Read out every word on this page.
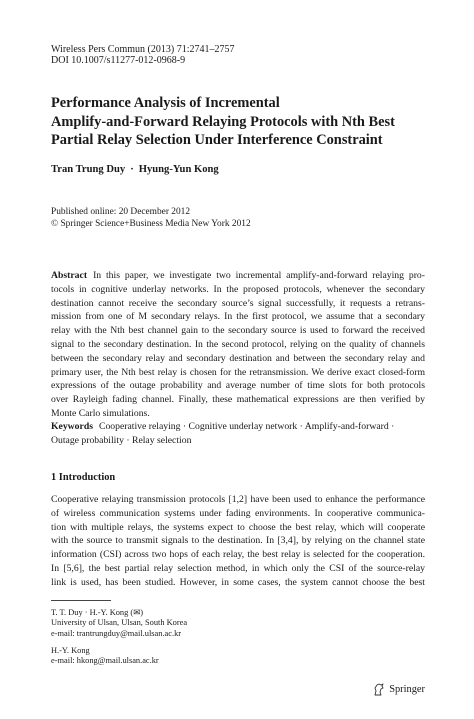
Wireless Pers Commun (2013) 71:2741–2757
DOI 10.1007/s11277-012-0968-9
Performance Analysis of Incremental
Amplify-and-Forward Relaying Protocols with Nth Best
Partial Relay Selection Under Interference Constraint
Tran Trung Duy · Hyung-Yun Kong
Published online: 20 December 2012
© Springer Science+Business Media New York 2012
Abstract In this paper, we investigate two incremental amplify-and-forward relaying pro-
tocols in cognitive underlay networks. In the proposed protocols, whenever the secondary
destination cannot receive the secondary source’s signal successfully, it requests a retrans-
mission from one of M secondary relays. In the first protocol, we assume that a secondary
relay with the Nth best channel gain to the secondary source is used to forward the received
signal to the secondary destination. In the second protocol, relying on the quality of channels
between the secondary relay and secondary destination and between the secondary relay and
primary user, the Nth best relay is chosen for the retransmission. We derive exact closed-form
expressions of the outage probability and average number of time slots for both protocols
over Rayleigh fading channel. Finally, these mathematical expressions are then verified by
Monte Carlo simulations.
Keywords Cooperative relaying · Cognitive underlay network · Amplify-and-forward ·
Outage probability · Relay selection
1 Introduction
Cooperative relaying transmission protocols [1,2] have been used to enhance the performance
of wireless communication systems under fading environments. In cooperative communica-
tion with multiple relays, the systems expect to choose the best relay, which will cooperate
with the source to transmit signals to the destination. In [3,4], by relying on the channel state
information (CSI) across two hops of each relay, the best relay is selected for the cooperation.
In [5,6], the best partial relay selection method, in which only the CSI of the source-relay
link is used, has been studied. However, in some cases, the system cannot choose the best
T. T. Duy · H.-Y. Kong (✉)
University of Ulsan, Ulsan, South Korea
e-mail: trantrungduy@mail.ulsan.ac.kr
H.-Y. Kong
e-mail: hkong@mail.ulsan.ac.kr
Springer
